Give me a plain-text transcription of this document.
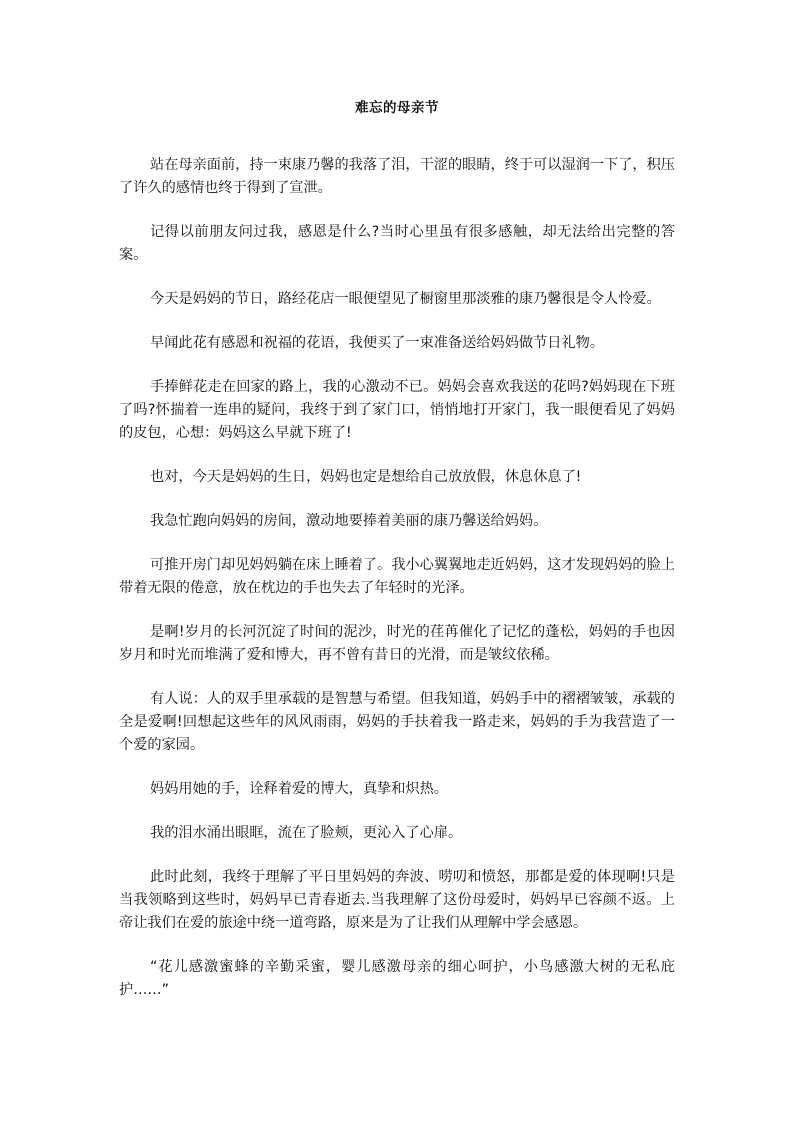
难忘的母亲节

站在母亲面前，持一束康乃馨的我落了泪，干涩的眼睛，终于可以湿润一下了，积压了许久的感情也终于得到了宣泄。

记得以前朋友问过我，感恩是什么?当时心里虽有很多感触，却无法给出完整的答案。

今天是妈妈的节日，路经花店一眼便望见了橱窗里那淡雅的康乃馨很是令人怜爱。

早闻此花有感恩和祝福的花语，我便买了一束准备送给妈妈做节日礼物。

手捧鲜花走在回家的路上，我的心激动不已。妈妈会喜欢我送的花吗?妈妈现在下班了吗?怀揣着一连串的疑问，我终于到了家门口，悄悄地打开家门，我一眼便看见了妈妈的皮包，心想：妈妈这么早就下班了!

也对，今天是妈妈的生日，妈妈也定是想给自己放放假，休息休息了!

我急忙跑向妈妈的房间，激动地要捧着美丽的康乃馨送给妈妈。

可推开房门却见妈妈躺在床上睡着了。我小心翼翼地走近妈妈，这才发现妈妈的脸上带着无限的倦意，放在枕边的手也失去了年轻时的光泽。

是啊!岁月的长河沉淀了时间的泥沙，时光的荏苒催化了记忆的蓬松，妈妈的手也因岁月和时光而堆满了爱和博大，再不曾有昔日的光滑，而是皱纹依稀。

有人说：人的双手里承载的是智慧与希望。但我知道，妈妈手中的褶褶皱皱，承载的全是爱啊!回想起这些年的风风雨雨，妈妈的手扶着我一路走来，妈妈的手为我营造了一个爱的家园。

妈妈用她的手，诠释着爱的博大，真挚和炽热。

我的泪水涌出眼眶，流在了脸颊，更沁入了心扉。

此时此刻，我终于理解了平日里妈妈的奔波、唠叨和愤怒，那都是爱的体现啊!只是当我领略到这些时，妈妈早已青春逝去.当我理解了这份母爱时，妈妈早已容颜不返。上帝让我们在爱的旅途中绕一道弯路，原来是为了让我们从理解中学会感恩。

“花儿感激蜜蜂的辛勤采蜜，婴儿感激母亲的细心呵护，小鸟感激大树的无私庇护……”
